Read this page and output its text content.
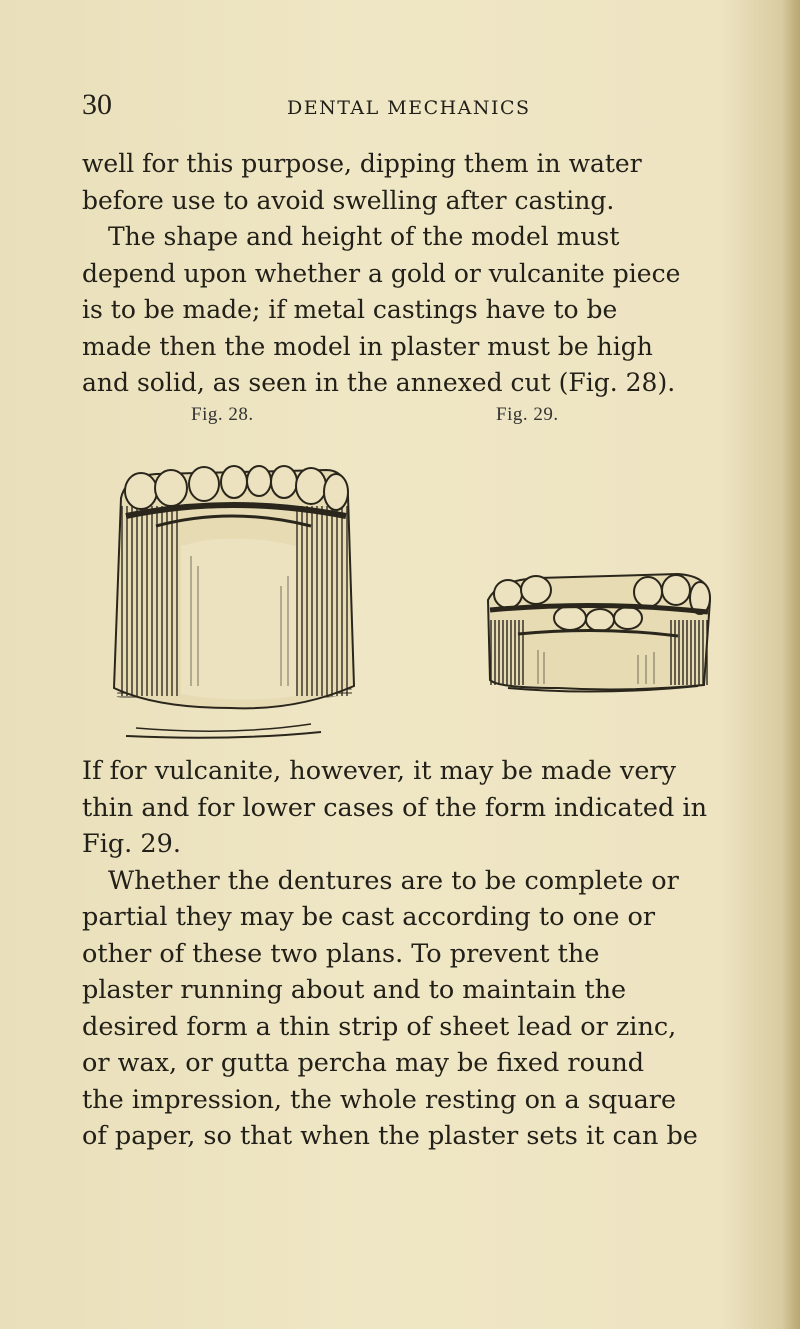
30	DENTAL MECHANICS

well for this purpose, dipping them in water
before use to avoid swelling after casting.
The shape and height of the model must
depend upon whether a gold or vulcanite piece
is to be made; if metal castings have to be
made then the model in plaster must be high
and solid, as seen in the annexed cut (Fig. 28).

Fig. 28.	Fig. 29.

If for vulcanite, however, it may be made very
thin and for lower cases of the form indicated in
Fig. 29.
Whether the dentures are to be complete or
partial they may be cast according to one or
other of these two plans. To prevent the
plaster running about and to maintain the
desired form a thin strip of sheet lead or zinc,
or wax, or gutta percha may be fixed round
the impression, the whole resting on a square
of paper, so that when the plaster sets it can be
